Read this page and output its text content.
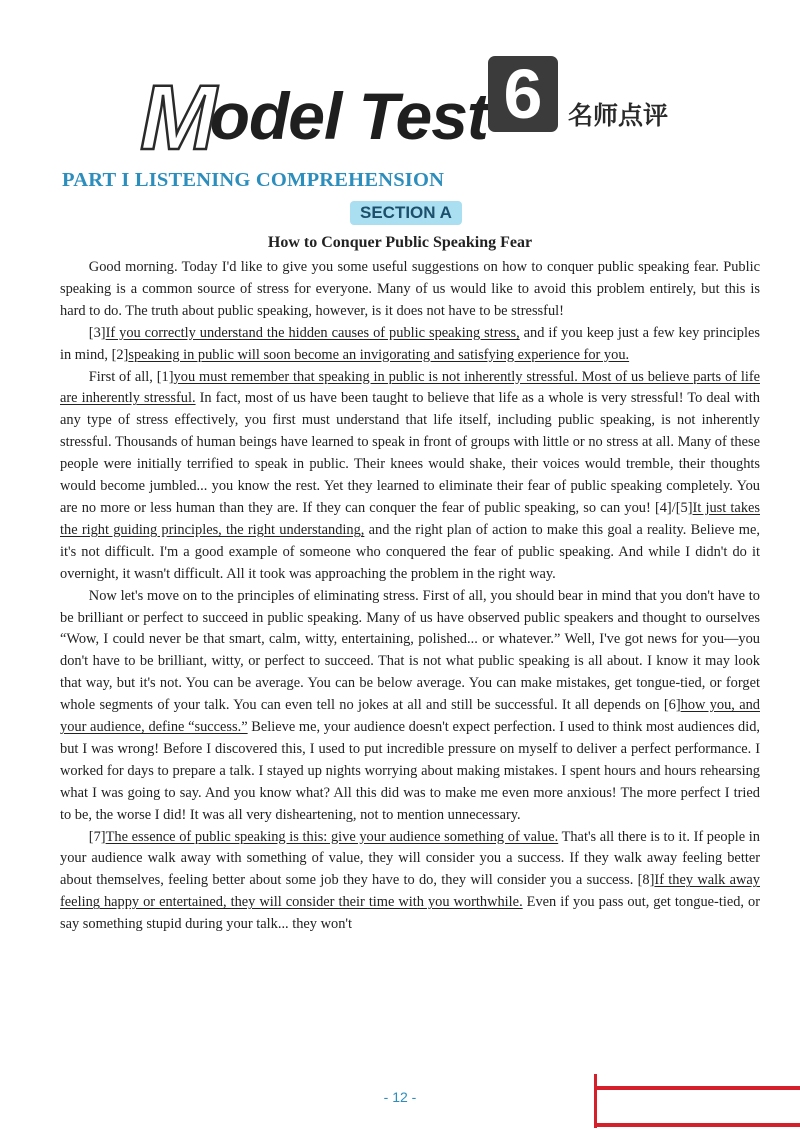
Model Test 6	名师点评
PART I LISTENING COMPREHENSION
SECTION A
How to Conquer Public Speaking Fear

Good morning. Today I'd like to give you some useful suggestions on how to conquer public speaking fear. Public speaking is a common source of stress for everyone. Many of us would like to avoid this problem entirely, but this is hard to do. The truth about public speaking, however, is it does not have to be stressful!

[3]If you correctly understand the hidden causes of public speaking stress, and if you keep just a few key principles in mind, [2]speaking in public will soon become an invigorating and satisfying experience for you.

First of all, [1]you must remember that speaking in public is not inherently stressful. Most of us believe parts of life are inherently stressful. In fact, most of us have been taught to believe that life as a whole is very stressful! To deal with any type of stress effectively, you first must understand that life itself, including public speaking, is not inherently stressful. Thousands of human beings have learned to speak in front of groups with little or no stress at all. Many of these people were initially terrified to speak in public. Their knees would shake, their voices would tremble, their thoughts would become jumbled... you know the rest. Yet they learned to eliminate their fear of public speaking completely. You are no more or less human than they are. If they can conquer the fear of public speaking, so can you! [4]/[5]It just takes the right guiding principles, the right understanding, and the right plan of action to make this goal a reality. Believe me, it's not difficult. I'm a good example of someone who conquered the fear of public speaking. And while I didn't do it overnight, it wasn't difficult. All it took was approaching the problem in the right way.

Now let's move on to the principles of eliminating stress. First of all, you should bear in mind that you don't have to be brilliant or perfect to succeed in public speaking. Many of us have observed public speakers and thought to ourselves “Wow, I could never be that smart, calm, witty, entertaining, polished... or whatever.” Well, I've got news for you—you don't have to be brilliant, witty, or perfect to succeed. That is not what public speaking is all about. I know it may look that way, but it's not. You can be average. You can be below average. You can make mistakes, get tongue-tied, or forget whole segments of your talk. You can even tell no jokes at all and still be successful. It all depends on [6]how you, and your audience, define “success.” Believe me, your audience doesn't expect perfection. I used to think most audiences did, but I was wrong! Before I discovered this, I used to put incredible pressure on myself to deliver a perfect performance. I worked for days to prepare a talk. I stayed up nights worrying about making mistakes. I spent hours and hours rehearsing what I was going to say. And you know what? All this did was to make me even more anxious! The more perfect I tried to be, the worse I did! It was all very disheartening, not to mention unnecessary.

[7]The essence of public speaking is this: give your audience something of value. That's all there is to it. If people in your audience walk away with something of value, they will consider you a success. If they walk away feeling better about themselves, feeling better about some job they have to do, they will consider you a success. [8]If they walk away feeling happy or entertained, they will consider their time with you worthwhile. Even if you pass out, get tongue-tied, or say something stupid during your talk... they won't

- 12 -
